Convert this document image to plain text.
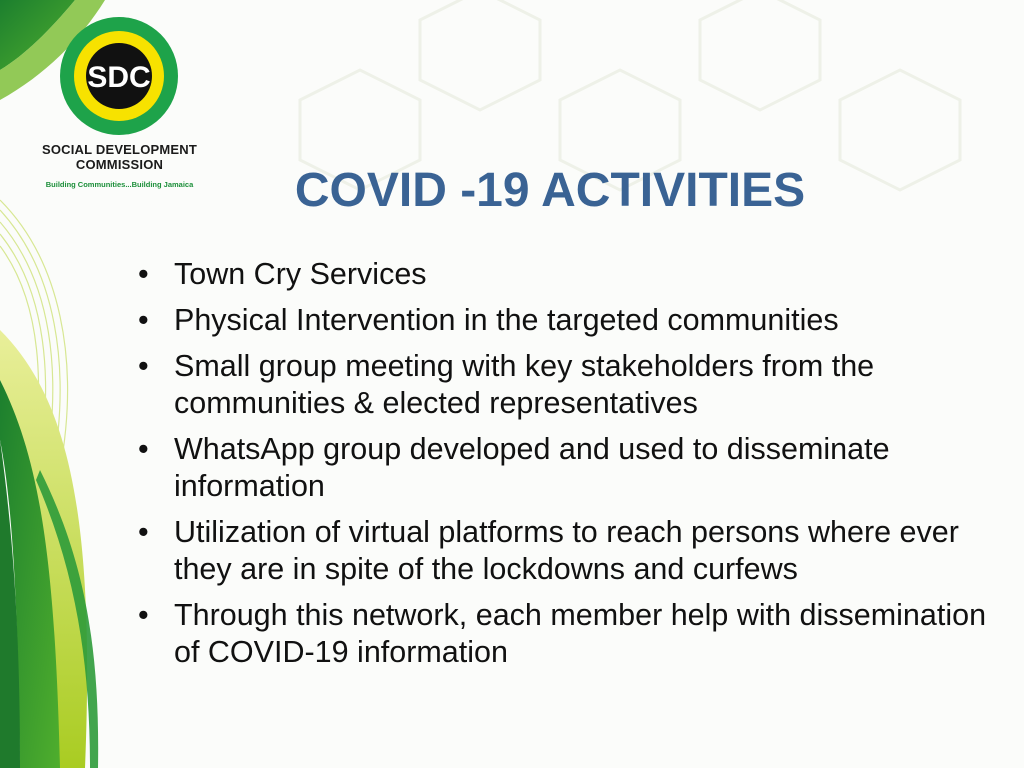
SDC
SOCIAL DEVELOPMENT
COMMISSION
Building Communities...Building Jamaica	COVID -19 ACTIVITIES
• Town Cry Services
• Physical Intervention in the targeted communities
• Small group meeting with key stakeholders from the communities & elected representatives
• WhatsApp group developed and used to disseminate information
• Utilization of virtual platforms to reach persons where ever they are in spite of the lockdowns and curfews
• Through this network, each member help with dissemination of COVID-19 information
